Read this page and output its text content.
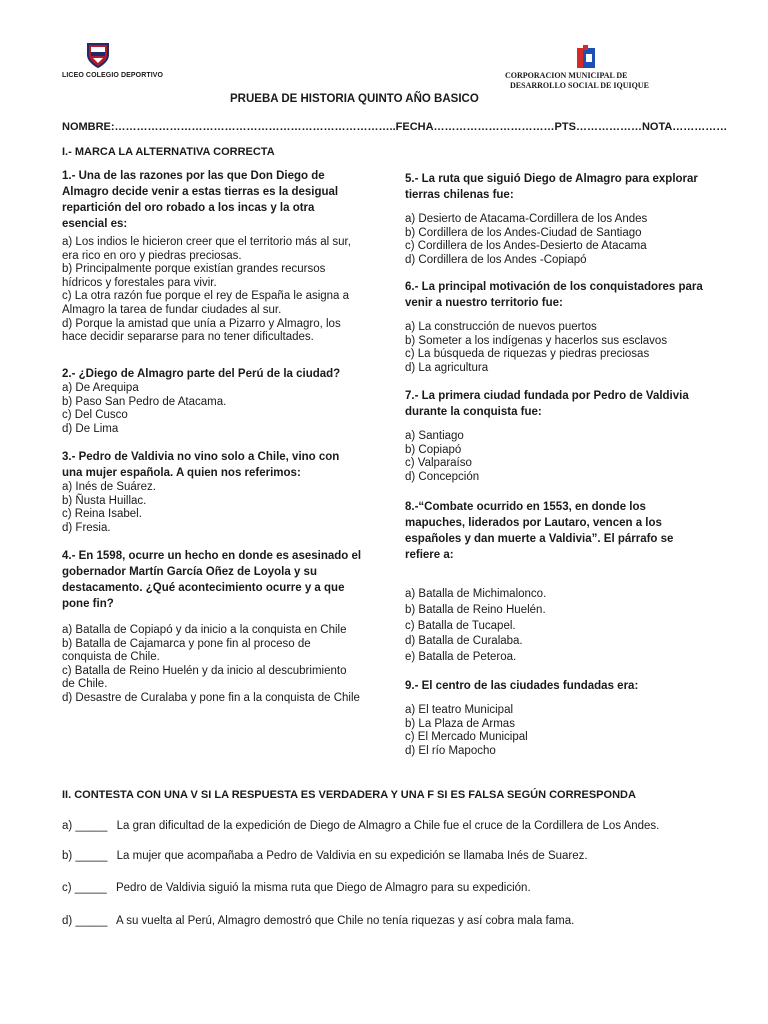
LICEO COLEGIO DEPORTIVO	CORPORACION MUNICIPAL DE
DESARROLLO SOCIAL DE IQUIQUE
PRUEBA DE HISTORIA QUINTO AÑO BASICO
NOMBRE:…………………………………………………………………..FECHA……………………………PTS………………NOTA……………
I.- MARCA LA ALTERNATIVA CORRECTA
1.- Una de las razones por las que Don Diego de Almagro decide venir a estas tierras es la desigual repartición del oro robado a los incas y la otra esencial es:
a) Los indios le hicieron creer que el territorio más al sur, era rico en oro y piedras preciosas.
b) Principalmente porque existían grandes recursos hídricos y forestales para vivir.
c) La otra razón fue porque el rey de España le asigna a Almagro la tarea de fundar ciudades al sur.
d) Porque la amistad que unía a Pizarro y Almagro, los hace decidir separarse para no tener dificultades.
2.- ¿Diego de Almagro parte del Perú de la ciudad?
a) De Arequipa
b) Paso San Pedro de Atacama.
c) Del Cusco
d) De Lima
3.- Pedro de Valdivia no vino solo a Chile, vino con una mujer española. A quien nos referimos:
a) Inés de Suárez.
b) Ñusta Huillac.
c) Reina Isabel.
d) Fresia.
4.- En 1598, ocurre un hecho en donde es asesinado el gobernador Martín García Oñez de Loyola y su destacamento. ¿Qué acontecimiento ocurre y a que pone fin?
a) Batalla de Copiapó y da inicio a la conquista en Chile
b) Batalla de Cajamarca y pone fin al proceso de conquista de Chile.
c) Batalla de Reino Huelén y da inicio al descubrimiento de Chile.
d) Desastre de Curalaba y pone fin a la conquista de Chile
5.- La ruta que siguió Diego de Almagro para explorar tierras chilenas fue:
a) Desierto de Atacama-Cordillera de los Andes
b) Cordillera de los Andes-Ciudad de Santiago
c) Cordillera de los Andes-Desierto de Atacama
d) Cordillera de los Andes -Copiapó
6.- La principal motivación de los conquistadores para venir a nuestro territorio fue:
a) La construcción de nuevos puertos
b) Someter a los indígenas y hacerlos sus esclavos
c) La búsqueda de riquezas y piedras preciosas
d) La agricultura
7.- La primera ciudad fundada por Pedro de Valdivia durante la conquista fue:
a) Santiago
b) Copiapó
c) Valparaíso
d) Concepción
8.-“Combate ocurrido en 1553, en donde los mapuches, liderados por Lautaro, vencen a los españoles y dan muerte a Valdivia”. El párrafo se refiere a:
a) Batalla de Michimalonco.
b) Batalla de Reino Huelén.
c) Batalla de Tucapel.
d) Batalla de Curalaba.
e) Batalla de Peteroa.
9.- El centro de las ciudades fundadas era:
a) El teatro Municipal
b) La Plaza de Armas
c) El Mercado Municipal
d) El río Mapocho
II. CONTESTA CON UNA V SI LA RESPUESTA ES VERDADERA Y UNA F SI ES FALSA SEGÚN CORRESPONDA
a) _____ La gran dificultad de la expedición de Diego de Almagro a Chile fue el cruce de la Cordillera de Los Andes.
b) _____ La mujer que acompañaba a Pedro de Valdivia en su expedición se llamaba Inés de Suarez.
c) _____ Pedro de Valdivia siguió la misma ruta que Diego de Almagro para su expedición.
d) _____ A su vuelta al Perú, Almagro demostró que Chile no tenía riquezas y así cobra mala fama.
